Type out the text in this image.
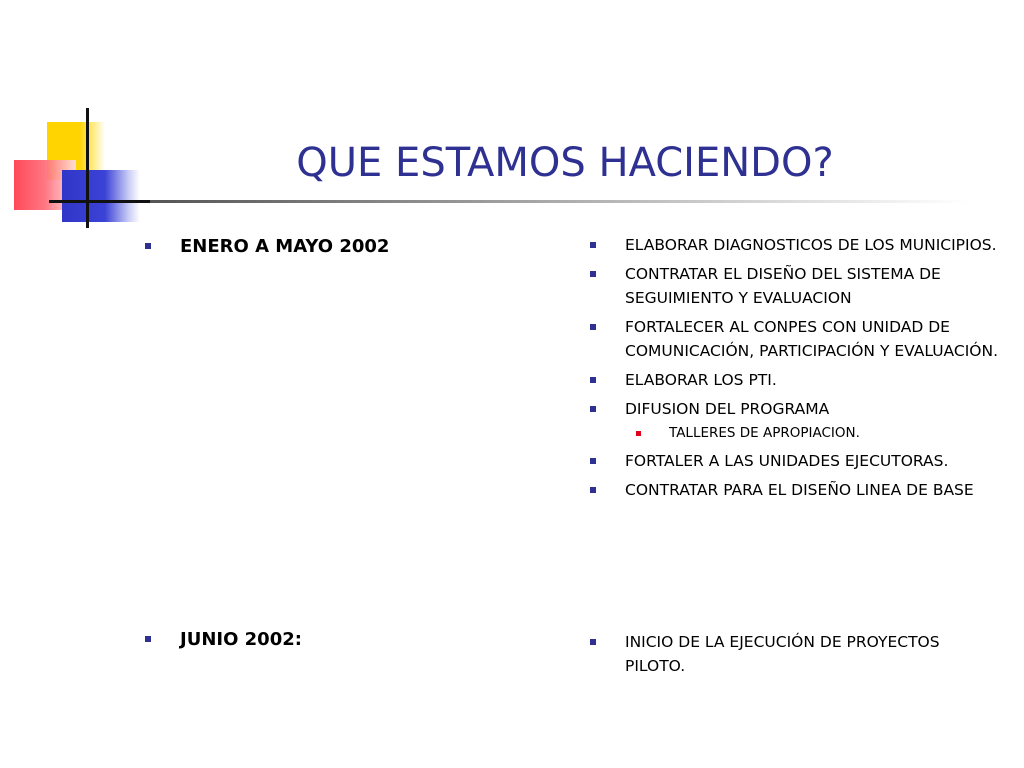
QUE ESTAMOS HACIENDO?
ENERO A MAYO 2002
JUNIO 2002:
ELABORAR DIAGNOSTICOS DE LOS MUNICIPIOS.
CONTRATAR EL DISEÑO DEL SISTEMA DE SEGUIMIENTO Y EVALUACION
FORTALECER AL CONPES CON UNIDAD DE COMUNICACIÓN, PARTICIPACIÓN Y EVALUACIÓN.
ELABORAR LOS PTI.
DIFUSION DEL PROGRAMA
TALLERES DE APROPIACION.
FORTALER A LAS UNIDADES EJECUTORAS.
CONTRATAR PARA EL DISEÑO LINEA DE BASE
INICIO DE LA EJECUCIÓN DE PROYECTOS PILOTO.
